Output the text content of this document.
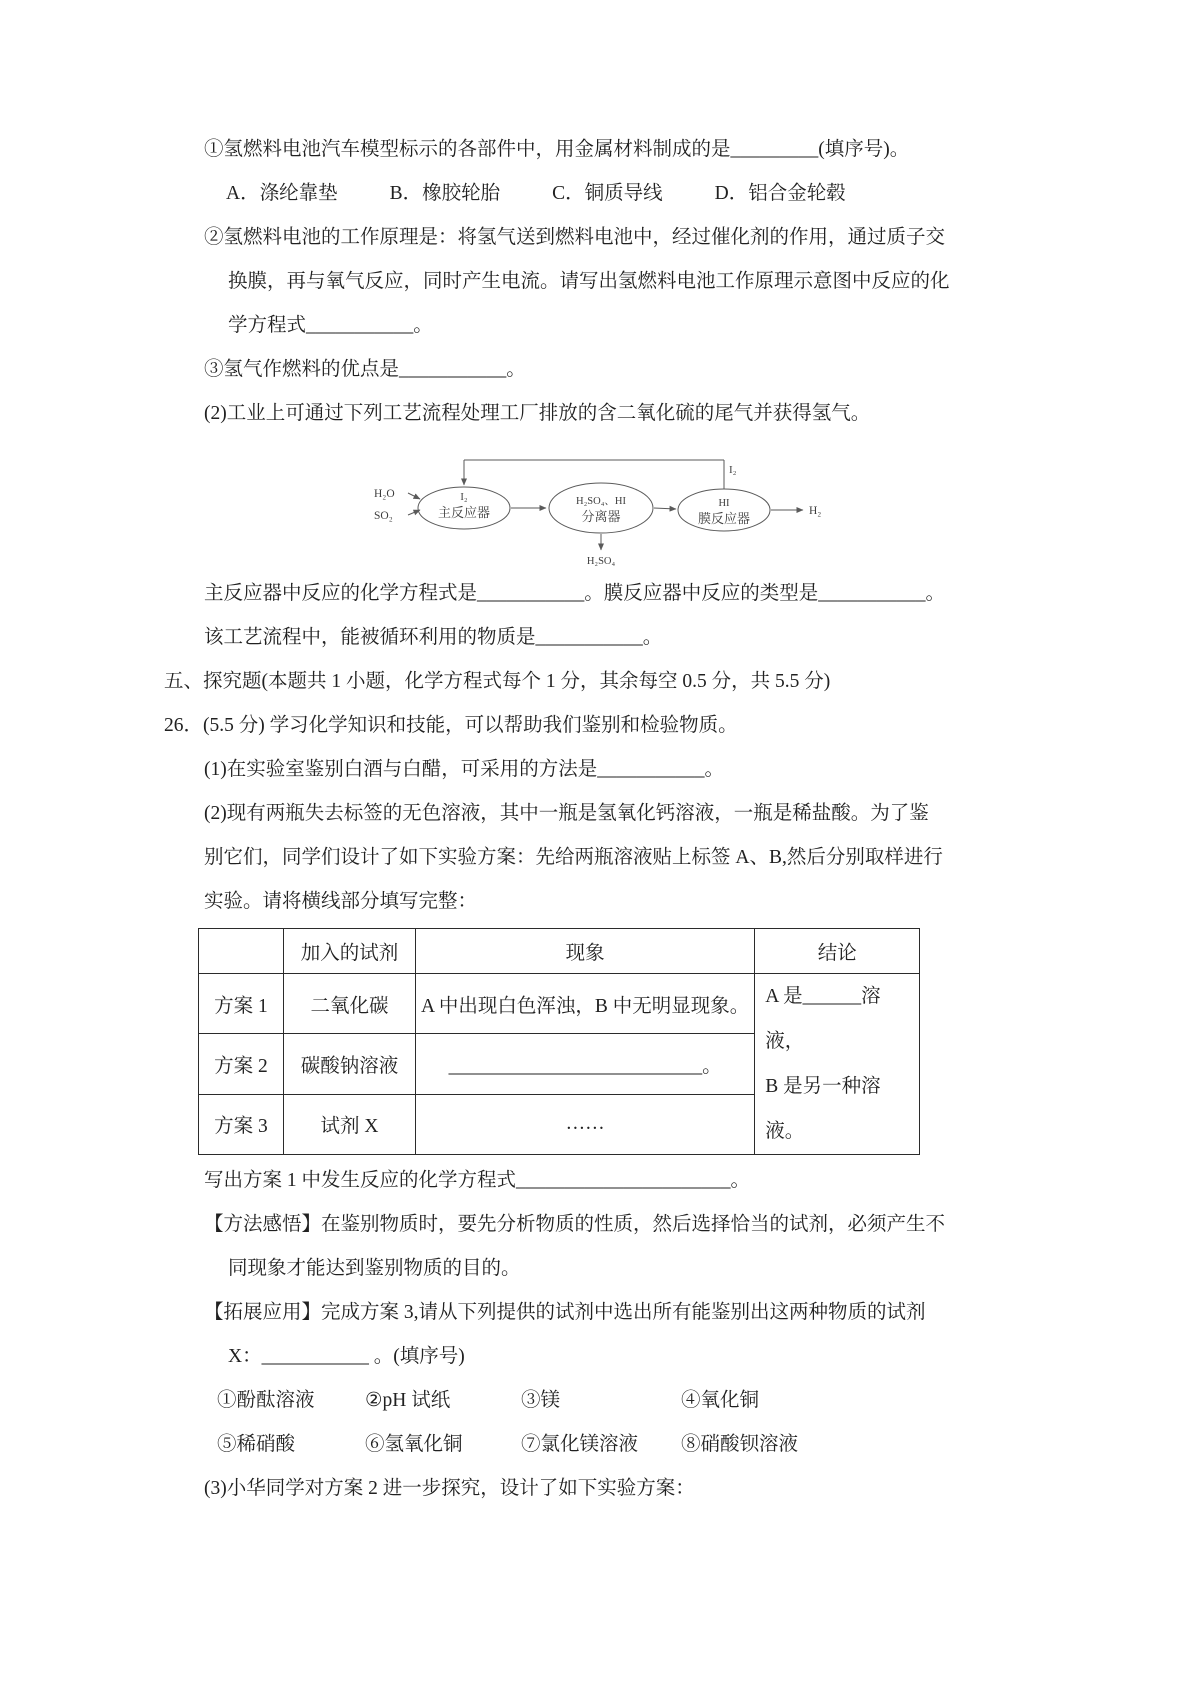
①氢燃料电池汽车模型标示的各部件中，用金属材料制成的是_________(填序号)。
A．涤纶靠垫	B．橡胶轮胎	C．铜质导线	D．铝合金轮毂
②氢燃料电池的工作原理是：将氢气送到燃料电池中，经过催化剂的作用，通过质子交
换膜，再与氧气反应，同时产生电流。请写出氢燃料电池工作原理示意图中反应的化
学方程式___________。
③氢气作燃料的优点是___________。
(2)工业上可通过下列工艺流程处理工厂排放的含二氧化硫的尾气并获得氢气。
I₂
H₂O
SO₂
I₂
主反应器
H₂SO₄、HI
分离器
H₂SO₄
HI
膜反应器	H₂
主反应器中反应的化学方程式是___________。膜反应器中反应的类型是___________。
该工艺流程中，能被循环利用的物质是___________。
五、探究题(本题共 1 小题，化学方程式每个 1 分，其余每空 0.5 分，共 5.5 分)
26．(5.5 分) 学习化学知识和技能，可以帮助我们鉴别和检验物质。
(1)在实验室鉴别白酒与白醋，可采用的方法是___________。
(2)现有两瓶失去标签的无色溶液，其中一瓶是氢氧化钙溶液，一瓶是稀盐酸。为了鉴
别它们，同学们设计了如下实验方案：先给两瓶溶液贴上标签 A、B,然后分别取样进行
实验。请将横线部分填写完整：
	加入的试剂	现象	结论
方案 1	二氧化碳	A 中出现白色浑浊，B 中无明显现象。	A 是______溶液，
B 是另一种溶液。

方案 2	碳酸钠溶液	__________________________。	
方案 3	试剂 X	……	
写出方案 1 中发生反应的化学方程式______________________。
【方法感悟】在鉴别物质时，要先分析物质的性质，然后选择恰当的试剂，必须产生不
同现象才能达到鉴别物质的目的。
【拓展应用】完成方案 3,请从下列提供的试剂中选出所有能鉴别出这两种物质的试剂
X：___________ 。(填序号)
①酚酞溶液	②pH 试纸	③镁	④氧化铜
⑤稀硝酸	⑥氢氧化铜	⑦氯化镁溶液	⑧硝酸钡溶液
(3)小华同学对方案 2 进一步探究，设计了如下实验方案：
